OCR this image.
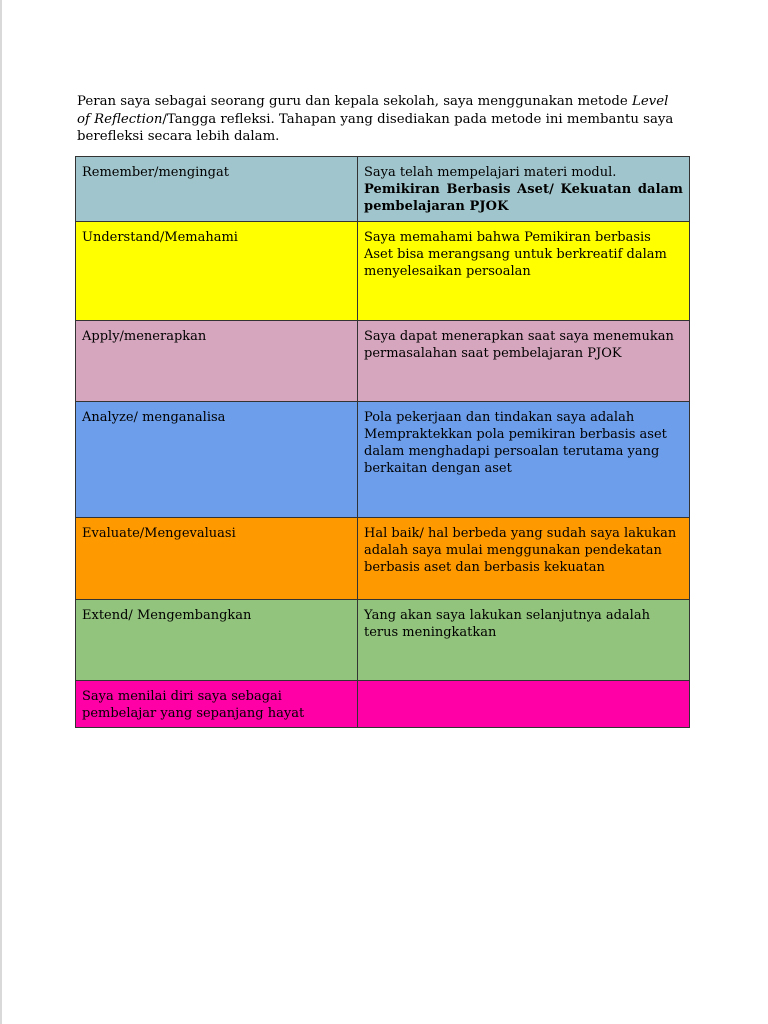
Peran saya sebagai seorang guru dan kepala sekolah, saya menggunakan metode Level of Reflection/Tangga refleksi. Tahapan yang disediakan pada metode ini membantu saya berefleksi secara lebih dalam.

Remember/mengingat	Saya telah mempelajari materi modul.
Pemikiran Berbasis Aset/ Kekuatan dalam
pembelajaran PJOK

Understand/Memahami	Saya memahami bahwa Pemikiran berbasis Aset bisa merangsang untuk berkreatif dalam menyelesaikan persoalan
Apply/menerapkan	Saya dapat menerapkan saat saya menemukan permasalahan saat pembelajaran PJOK
Analyze/ menganalisa	Pola pekerjaan dan tindakan saya adalah Mempraktekkan pola pemikiran berbasis aset dalam menghadapi persoalan terutama yang berkaitan dengan aset
Evaluate/Mengevaluasi	Hal baik/ hal berbeda yang sudah saya lakukan adalah saya mulai menggunakan pendekatan berbasis aset dan berbasis kekuatan
Extend/ Mengembangkan	Yang akan saya lakukan selanjutnya adalah terus meningkatkan
Saya menilai diri saya sebagai pembelajar yang sepanjang hayat	
